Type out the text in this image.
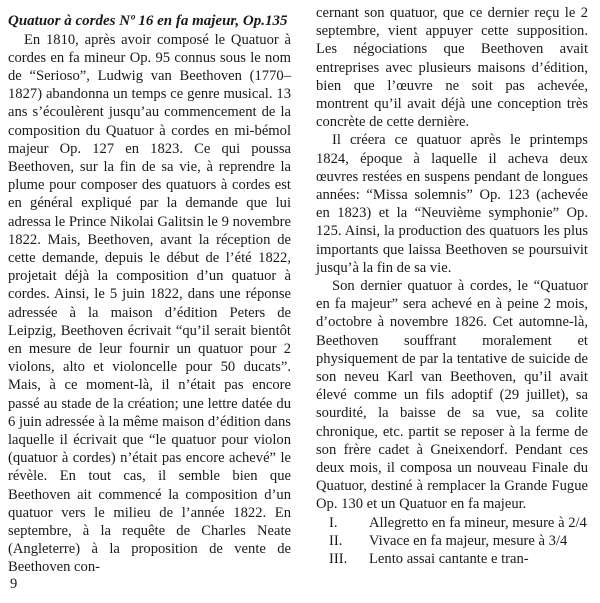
Quatuor à cordes Nº 16 en fa majeur, Op.135

En 1810, après avoir composé le Quatuor à cordes en fa mineur Op. 95 connus sous le nom de “Serioso”, Ludwig van Beethoven (1770–1827) abandonna un temps ce genre musical. 13 ans s’écoulèrent jusqu’au commencement de la composition du Quatuor à cordes en mi-bémol majeur Op. 127 en 1823. Ce qui poussa Beethoven, sur la fin de sa vie, à reprendre la plume pour composer des quatuors à cordes est en général expliqué par la demande que lui adressa le Prince Nikolai Galitsin le 9 novembre 1822. Mais, Beethoven, avant la réception de cette demande, depuis le début de l’été 1822, projetait déjà la composition d’un quatuor à cordes. Ainsi, le 5 juin 1822, dans une réponse adressée à la maison d’édition Peters de Leipzig, Beethoven écrivait “qu’il serait bientôt en mesure de leur fournir un quatuor pour 2 violons, alto et violoncelle pour 50 ducats”. Mais, à ce moment-là, il n’était pas encore passé au stade de la création; une lettre datée du 6 juin adressée à la même maison d’édition dans laquelle il écrivait que “le quatuor pour violon (quatuor à cordes) n’était pas encore achevé” le révèle. En tout cas, il semble bien que Beethoven ait commencé la composition d’un quatuor vers le milieu de l’année 1822. En septembre, à la requête de Charles Neate (Angleterre) à la proposition de vente de Beethoven con-

cernant son quatuor, que ce dernier reçu le 2 septembre, vient appuyer cette supposition. Les négociations que Beethoven avait entreprises avec plusieurs maisons d’édition, bien que l’œuvre ne soit pas achevée, montrent qu’il avait déjà une conception très concrète de cette dernière.

Il créera ce quatuor après le printemps 1824, époque à laquelle il acheva deux œuvres restées en suspens pendant de longues années: “Missa solemnis” Op. 123 (achevée en 1823) et la “Neuvième symphonie” Op. 125. Ainsi, la production des quatuors les plus importants que laissa Beethoven se poursuivit jusqu’à la fin de sa vie.

Son dernier quatuor à cordes, le “Quatuor en fa majeur” sera achevé en à peine 2 mois, d’octobre à novembre 1826. Cet automne-là, Beethoven souffrant moralement et physiquement de par la tentative de suicide de son neveu Karl van Beethoven, qu’il avait élevé comme un fils adoptif (29 juillet), sa sourdité, la baisse de sa vue, sa colite chronique, etc. partit se reposer à la ferme de son frère cadet à Gneixendorf. Pendant ces deux mois, il composa un nouveau Finale du Quatuor, destiné à remplacer la Grande Fugue Op. 130 et un Quatuor en fa majeur.

I.	Allegretto en fa mineur, mesure à 2/4
II.	Vivace en fa majeur, mesure à 3/4
III.	Lento assai cantante e tran-
9
